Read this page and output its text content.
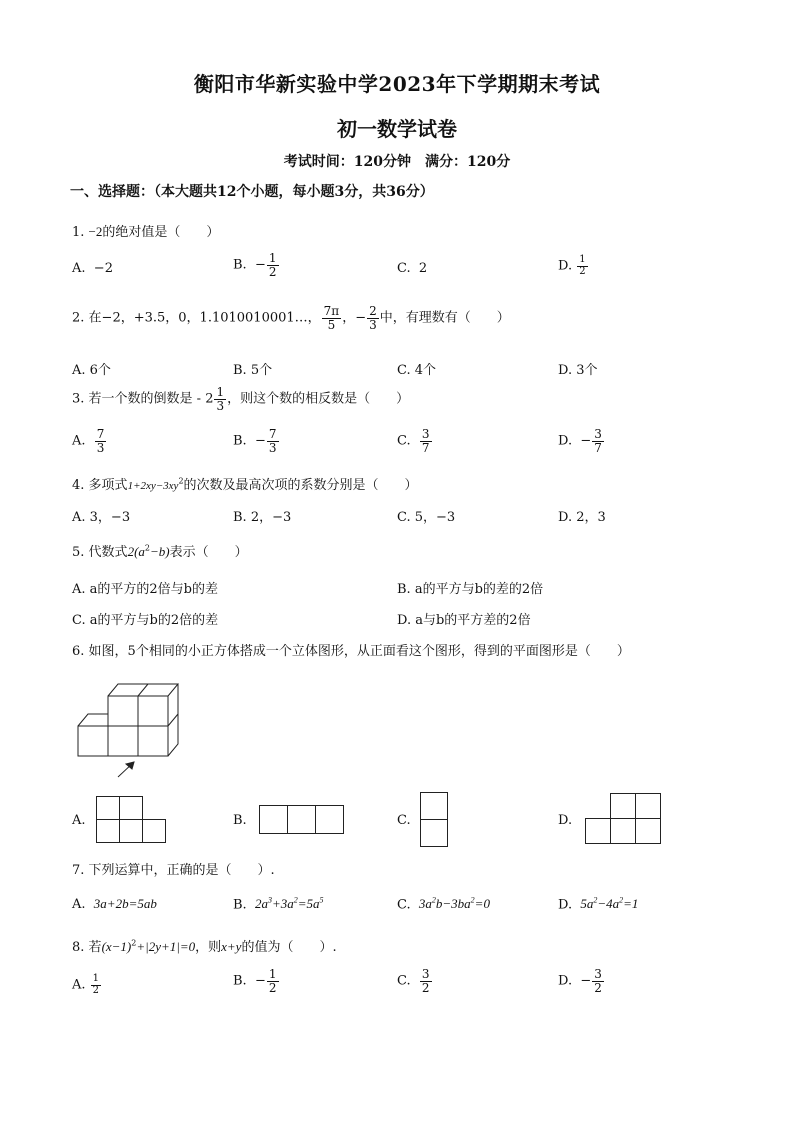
衡阳市华新实验中学2023年下学期期末考试
初一数学试卷
考试时间：120分钟　满分：120分
一、选择题：（本大题共12个小题，每小题3分，共36分）
1. −2的绝对值是（　　）
A. −2	B. − $\frac{1}{2}$	C. 2	D. $\frac{1}{2}$
2. 在−2，+3.5，0，1.1010010001…， $\frac{7\pi}{5}$ ，− $\frac{2}{3}$ 中，有理数有（　　）
A. 6个	B. 5个	C. 4个	D. 3个
3. 若一个数的倒数是 - $2 \frac{1}{3}$ ，则这个数的相反数是（　　）
A. $\frac{7}{3}$	B. − $\frac{7}{3}$	C. $\frac{3}{7}$	D. − $\frac{3}{7}$
4. 多项式$1+2xy-3xy^2$的次数及最高次项的系数分别是（　　）
A. 3，−3	B. 2，−3	C. 5，−3	D. 2，3
5. 代数式$2(a^2-b)$表示（　　）
A. a的平方的2倍与b的差	B. a的平方与b的差的2倍
C. a的平方与b的2倍的差	D. a与b的平方差的2倍
6. 如图，5个相同的小正方体搭成一个立体图形，从正面看这个图形，得到的平面图形是（　　）
A.	B.	C.	D.
7. 下列运算中，正确的是（　　）.
A. 3a+2b=5ab	B. $2a^3+3a^2=5a^5$	C. $3a^2b-3ba^2=0$	D. $5a^2-4a^2=1$
8. 若$(x-1)^2+|2y+1|=0$，则x+y的值为（　　）.
A. $\frac{1}{2}$	B. − $\frac{1}{2}$	C. $\frac{3}{2}$	D. − $\frac{3}{2}$
